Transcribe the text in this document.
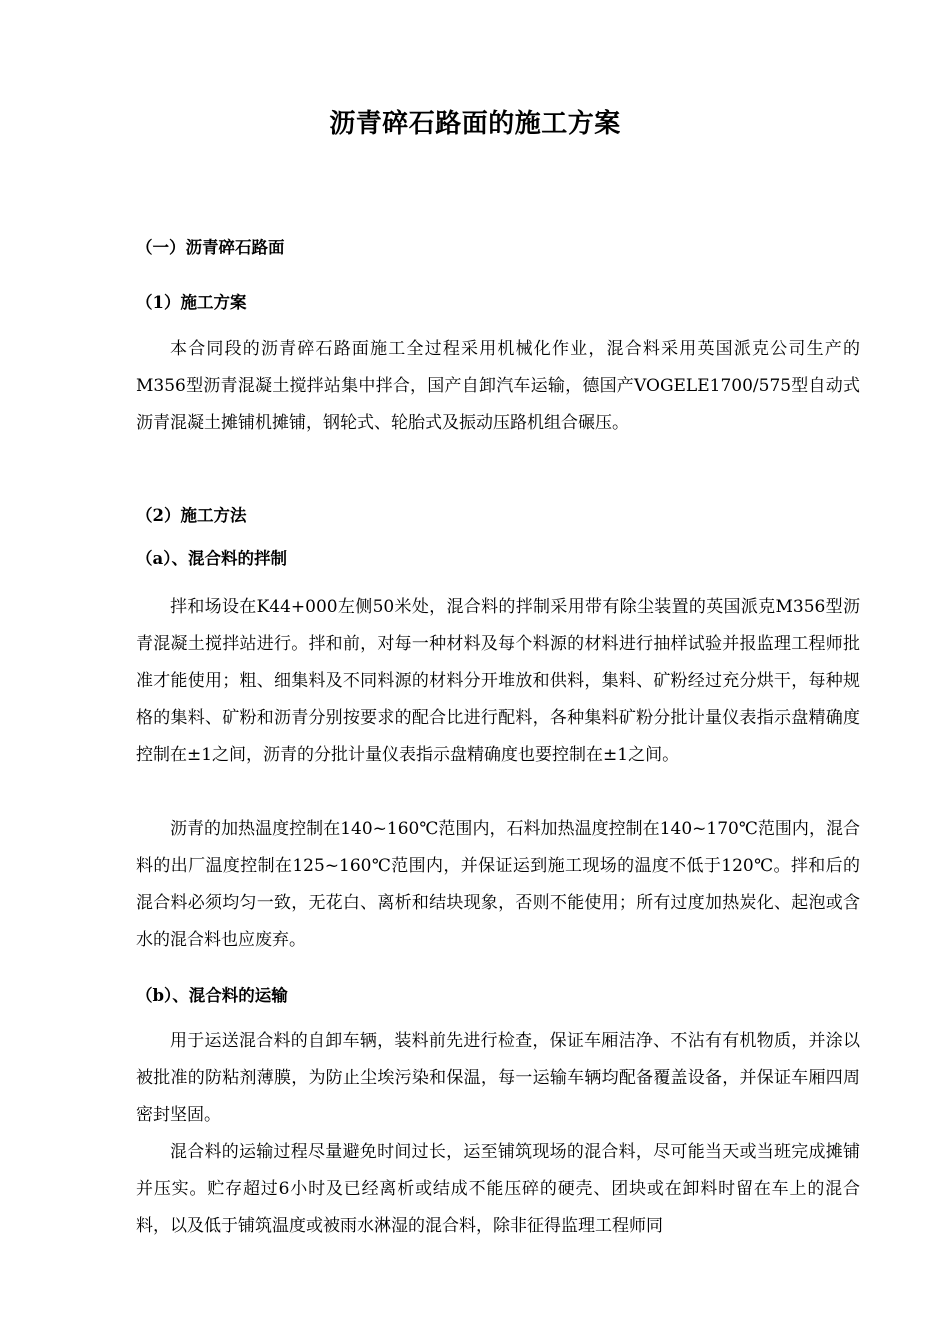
沥青碎石路面的施工方案
（一）沥青碎石路面
（1）施工方案

本合同段的沥青碎石路面施工全过程采用机械化作业，混合料采用英国派克公司生产的M356型沥青混凝土搅拌站集中拌合，国产自卸汽车运输，德国产VOGELE1700/575型自动式沥青混凝土摊铺机摊铺，钢轮式、轮胎式及振动压路机组合碾压。

（2）施工方法
（a）、混合料的拌制

拌和场设在K44+000左侧50米处，混合料的拌制采用带有除尘装置的英国派克M356型沥青混凝土搅拌站进行。拌和前，对每一种材料及每个料源的材料进行抽样试验并报监理工程师批准才能使用；粗、细集料及不同料源的材料分开堆放和供料，集料、矿粉经过充分烘干，每种规格的集料、矿粉和沥青分别按要求的配合比进行配料，各种集料矿粉分批计量仪表指示盘精确度控制在±1之间，沥青的分批计量仪表指示盘精确度也要控制在±1之间。

沥青的加热温度控制在140~160℃范围内，石料加热温度控制在140~170℃范围内，混合料的出厂温度控制在125~160℃范围内，并保证运到施工现场的温度不低于120℃。拌和后的混合料必须均匀一致，无花白、离析和结块现象，否则不能使用；所有过度加热炭化、起泡或含水的混合料也应废弃。

（b）、混合料的运输

用于运送混合料的自卸车辆，装料前先进行检查，保证车厢洁净、不沾有有机物质，并涂以被批准的防粘剂薄膜，为防止尘埃污染和保温，每一运输车辆均配备覆盖设备，并保证车厢四周密封坚固。

混合料的运输过程尽量避免时间过长，运至铺筑现场的混合料，尽可能当天或当班完成摊铺并压实。贮存超过6小时及已经离析或结成不能压碎的硬壳、团块或在卸料时留在车上的混合料，以及低于铺筑温度或被雨水淋湿的混合料，除非征得监理工程师同
